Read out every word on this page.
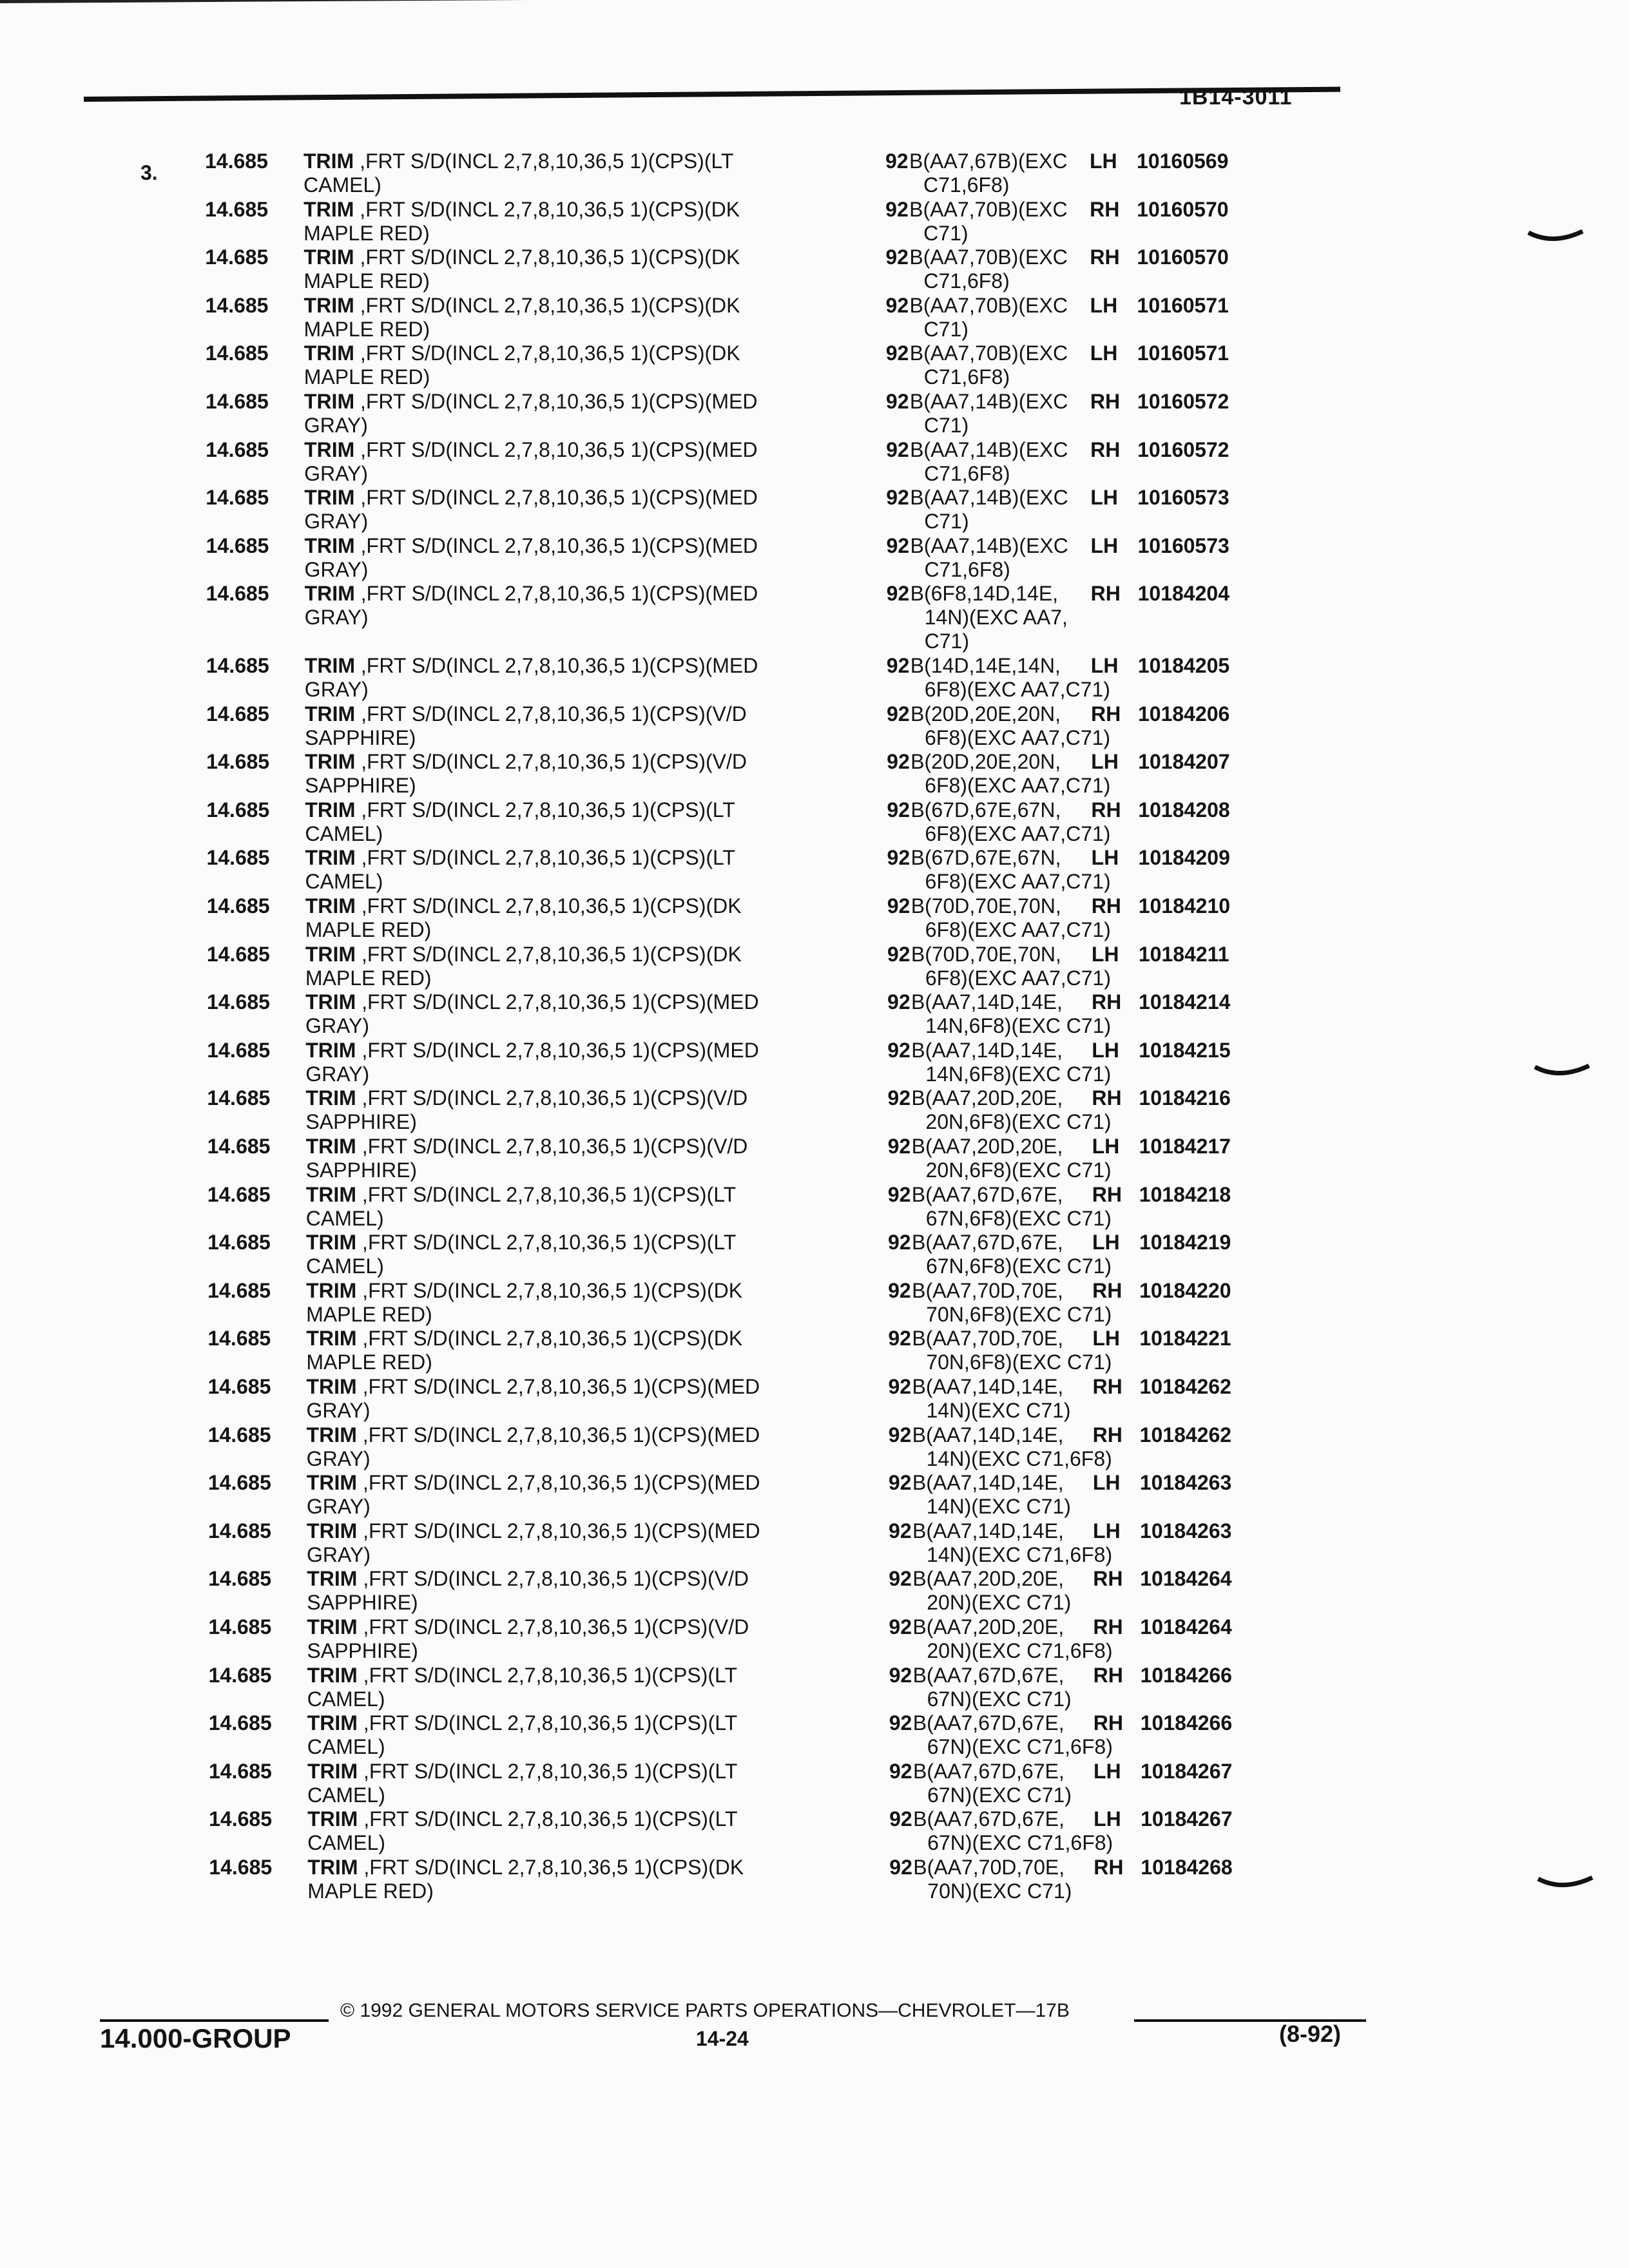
1B14-3011
3. 14.685 TRIM ,FRT S/D(INCL 2,7,8,10,36,5 1)(CPS)(LT
CAMEL)
92 B(AA7,67B)(EXC
C71,6F8)
LH 10160569
14.685 TRIM ,FRT S/D(INCL 2,7,8,10,36,5 1)(CPS)(DK
MAPLE RED)
92 B(AA7,70B)(EXC
C71)
RH 10160570
14.685 TRIM ,FRT S/D(INCL 2,7,8,10,36,5 1)(CPS)(DK
MAPLE RED)
92 B(AA7,70B)(EXC
C71,6F8)
RH 10160570
14.685 TRIM ,FRT S/D(INCL 2,7,8,10,36,5 1)(CPS)(DK
MAPLE RED)
92 B(AA7,70B)(EXC
C71)
LH 10160571
14.685 TRIM ,FRT S/D(INCL 2,7,8,10,36,5 1)(CPS)(DK
MAPLE RED)
92 B(AA7,70B)(EXC
C71,6F8)
LH 10160571
14.685 TRIM ,FRT S/D(INCL 2,7,8,10,36,5 1)(CPS)(MED
GRAY)
92 B(AA7,14B)(EXC
C71)
RH 10160572
14.685 TRIM ,FRT S/D(INCL 2,7,8,10,36,5 1)(CPS)(MED
GRAY)
92 B(AA7,14B)(EXC
C71,6F8)
RH 10160572
14.685 TRIM ,FRT S/D(INCL 2,7,8,10,36,5 1)(CPS)(MED
GRAY)
92 B(AA7,14B)(EXC
C71)
LH 10160573
14.685 TRIM ,FRT S/D(INCL 2,7,8,10,36,5 1)(CPS)(MED
GRAY)
92 B(AA7,14B)(EXC
C71,6F8)
LH 10160573
14.685 TRIM ,FRT S/D(INCL 2,7,8,10,36,5 1)(CPS)(MED
GRAY)
92 B(6F8,14D,14E,
14N)(EXC AA7,
C71)
RH 10184204
14.685 TRIM ,FRT S/D(INCL 2,7,8,10,36,5 1)(CPS)(MED
GRAY)
92 B(14D,14E,14N,
6F8)(EXC AA7,C71)
LH 10184205
14.685 TRIM ,FRT S/D(INCL 2,7,8,10,36,5 1)(CPS)(V/D
SAPPHIRE)
92 B(20D,20E,20N,
6F8)(EXC AA7,C71)
RH 10184206
14.685 TRIM ,FRT S/D(INCL 2,7,8,10,36,5 1)(CPS)(V/D
SAPPHIRE)
92 B(20D,20E,20N,
6F8)(EXC AA7,C71)
LH 10184207
14.685 TRIM ,FRT S/D(INCL 2,7,8,10,36,5 1)(CPS)(LT
CAMEL)
92 B(67D,67E,67N,
6F8)(EXC AA7,C71)
RH 10184208
14.685 TRIM ,FRT S/D(INCL 2,7,8,10,36,5 1)(CPS)(LT
CAMEL)
92 B(67D,67E,67N,
6F8)(EXC AA7,C71)
LH 10184209
14.685 TRIM ,FRT S/D(INCL 2,7,8,10,36,5 1)(CPS)(DK
MAPLE RED)
92 B(70D,70E,70N,
6F8)(EXC AA7,C71)
RH 10184210
14.685 TRIM ,FRT S/D(INCL 2,7,8,10,36,5 1)(CPS)(DK
MAPLE RED)
92 B(70D,70E,70N,
6F8)(EXC AA7,C71)
LH 10184211
14.685 TRIM ,FRT S/D(INCL 2,7,8,10,36,5 1)(CPS)(MED
GRAY)
92 B(AA7,14D,14E,
14N,6F8)(EXC C71)
RH 10184214
14.685 TRIM ,FRT S/D(INCL 2,7,8,10,36,5 1)(CPS)(MED
GRAY)
92 B(AA7,14D,14E,
14N,6F8)(EXC C71)
LH 10184215
14.685 TRIM ,FRT S/D(INCL 2,7,8,10,36,5 1)(CPS)(V/D
SAPPHIRE)
92 B(AA7,20D,20E,
20N,6F8)(EXC C71)
RH 10184216
14.685 TRIM ,FRT S/D(INCL 2,7,8,10,36,5 1)(CPS)(V/D
SAPPHIRE)
92 B(AA7,20D,20E,
20N,6F8)(EXC C71)
LH 10184217
14.685 TRIM ,FRT S/D(INCL 2,7,8,10,36,5 1)(CPS)(LT
CAMEL)
92 B(AA7,67D,67E,
67N,6F8)(EXC C71)
RH 10184218
14.685 TRIM ,FRT S/D(INCL 2,7,8,10,36,5 1)(CPS)(LT
CAMEL)
92 B(AA7,67D,67E,
67N,6F8)(EXC C71)
LH 10184219
14.685 TRIM ,FRT S/D(INCL 2,7,8,10,36,5 1)(CPS)(DK
MAPLE RED)
92 B(AA7,70D,70E,
70N,6F8)(EXC C71)
RH 10184220
14.685 TRIM ,FRT S/D(INCL 2,7,8,10,36,5 1)(CPS)(DK
MAPLE RED)
92 B(AA7,70D,70E,
70N,6F8)(EXC C71)
LH 10184221
14.685 TRIM ,FRT S/D(INCL 2,7,8,10,36,5 1)(CPS)(MED
GRAY)
92 B(AA7,14D,14E,
14N)(EXC C71)
RH 10184262
14.685 TRIM ,FRT S/D(INCL 2,7,8,10,36,5 1)(CPS)(MED
GRAY)
92 B(AA7,14D,14E,
14N)(EXC C71,6F8)
RH 10184262
14.685 TRIM ,FRT S/D(INCL 2,7,8,10,36,5 1)(CPS)(MED
GRAY)
92 B(AA7,14D,14E,
14N)(EXC C71)
LH 10184263
14.685 TRIM ,FRT S/D(INCL 2,7,8,10,36,5 1)(CPS)(MED
GRAY)
92 B(AA7,14D,14E,
14N)(EXC C71,6F8)
LH 10184263
14.685 TRIM ,FRT S/D(INCL 2,7,8,10,36,5 1)(CPS)(V/D
SAPPHIRE)
92 B(AA7,20D,20E,
20N)(EXC C71)
RH 10184264
14.685 TRIM ,FRT S/D(INCL 2,7,8,10,36,5 1)(CPS)(V/D
SAPPHIRE)
92 B(AA7,20D,20E,
20N)(EXC C71,6F8)
RH 10184264
14.685 TRIM ,FRT S/D(INCL 2,7,8,10,36,5 1)(CPS)(LT
CAMEL)
92 B(AA7,67D,67E,
67N)(EXC C71)
RH 10184266
14.685 TRIM ,FRT S/D(INCL 2,7,8,10,36,5 1)(CPS)(LT
CAMEL)
92 B(AA7,67D,67E,
67N)(EXC C71,6F8)
RH 10184266
14.685 TRIM ,FRT S/D(INCL 2,7,8,10,36,5 1)(CPS)(LT
CAMEL)
92 B(AA7,67D,67E,
67N)(EXC C71)
LH 10184267
14.685 TRIM ,FRT S/D(INCL 2,7,8,10,36,5 1)(CPS)(LT
CAMEL)
92 B(AA7,67D,67E,
67N)(EXC C71,6F8)
LH 10184267
14.685 TRIM ,FRT S/D(INCL 2,7,8,10,36,5 1)(CPS)(DK
MAPLE RED)
92 B(AA7,70D,70E,
70N)(EXC C71)
RH 10184268
© 1992 GENERAL MOTORS SERVICE PARTS OPERATIONS—CHEVROLET—17B
14.000-GROUP	14-24	(8-92)
